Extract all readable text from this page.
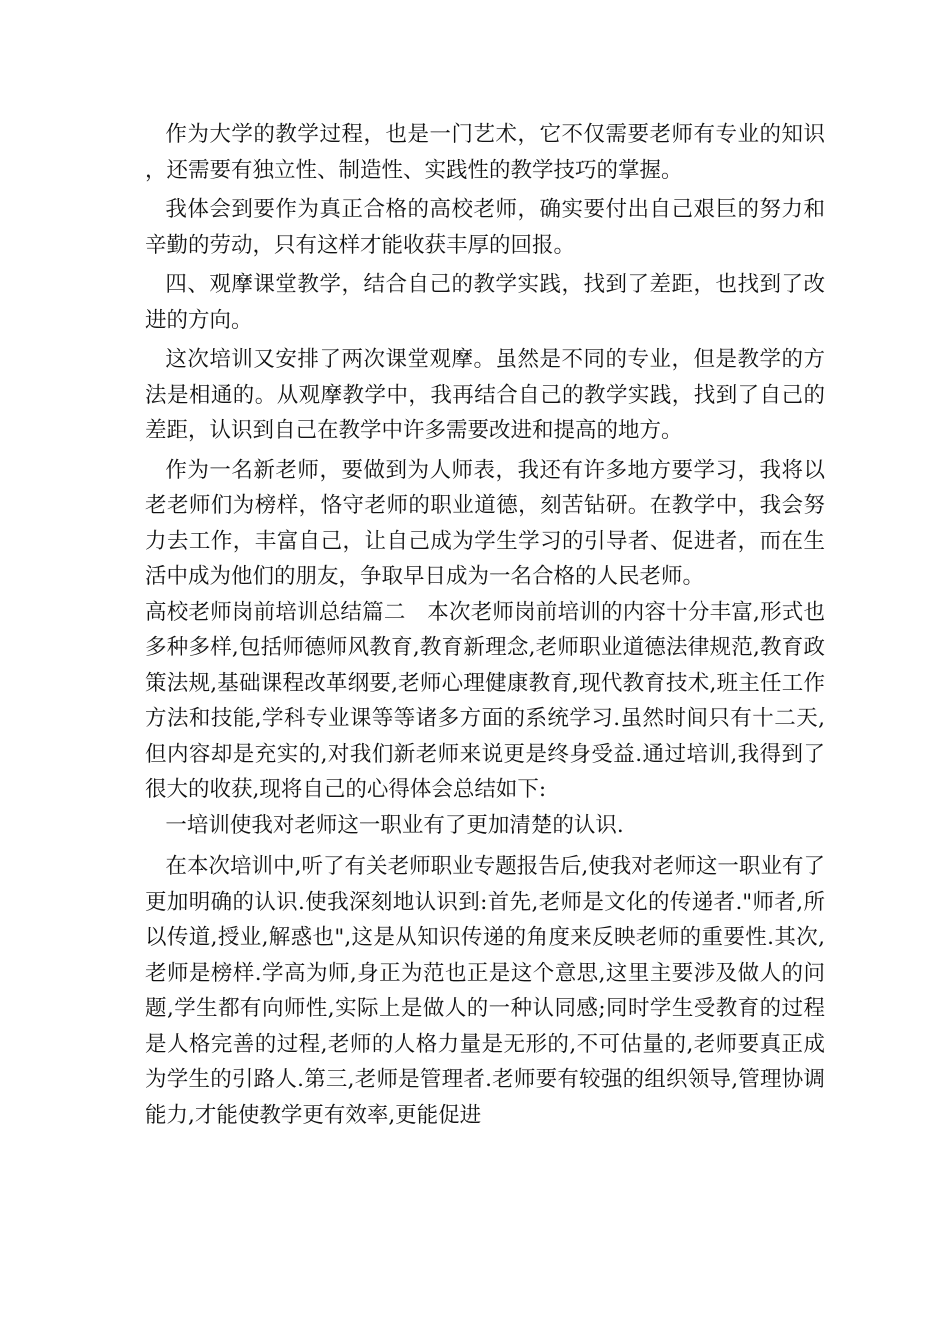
作为大学的教学过程，也是一门艺术，它不仅需要老师有专业的知识，还需要有独立性、制造性、实践性的教学技巧的掌握。

我体会到要作为真正合格的高校老师，确实要付出自己艰巨的努力和辛勤的劳动，只有这样才能收获丰厚的回报。

四、观摩课堂教学，结合自己的教学实践，找到了差距，也找到了改进的方向。

这次培训又安排了两次课堂观摩。虽然是不同的专业，但是教学的方法是相通的。从观摩教学中，我再结合自己的教学实践，找到了自己的差距，认识到自己在教学中许多需要改进和提高的地方。

作为一名新老师，要做到为人师表，我还有许多地方要学习，我将以老老师们为榜样，恪守老师的职业道德，刻苦钻研。在教学中，我会努力去工作，丰富自己，让自己成为学生学习的引导者、促进者，而在生活中成为他们的朋友，争取早日成为一名合格的人民老师。

高校老师岗前培训总结篇二　本次老师岗前培训的内容十分丰富,形式也多种多样,包括师德师风教育,教育新理念,老师职业道德法律规范,教育政策法规,基础课程改革纲要,老师心理健康教育,现代教育技术,班主任工作方法和技能,学科专业课等等诸多方面的系统学习.虽然时间只有十二天,但内容却是充实的,对我们新老师来说更是终身受益.通过培训,我得到了很大的收获,现将自己的心得体会总结如下:

一培训使我对老师这一职业有了更加清楚的认识.

在本次培训中,听了有关老师职业专题报告后,使我对老师这一职业有了更加明确的认识.使我深刻地认识到:首先,老师是文化的传递者."师者,所以传道,授业,解惑也",这是从知识传递的角度来反映老师的重要性.其次,老师是榜样.学高为师,身正为范也正是这个意思,这里主要涉及做人的问题,学生都有向师性,实际上是做人的一种认同感;同时学生受教育的过程是人格完善的过程,老师的人格力量是无形的,不可估量的,老师要真正成为学生的引路人.第三,老师是管理者.老师要有较强的组织领导,管理协调能力,才能使教学更有效率,更能促进
